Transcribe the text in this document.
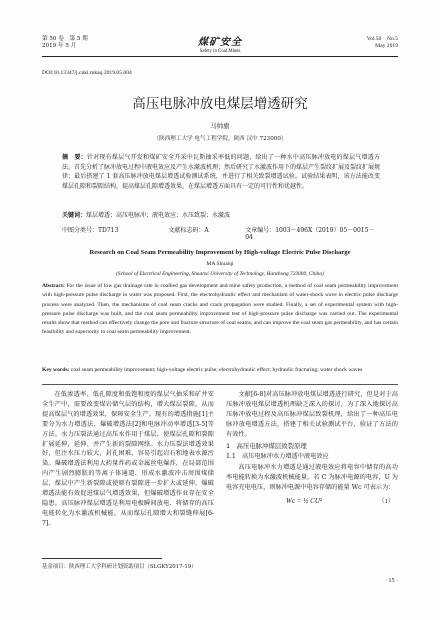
第 50 卷　第 5 期
2019 年 5 月	煤矿安全
Safety in Coal Mines
Vol.50　No.5
May 2019
DOI:10.13347/j.cnki.mkaq.2019.05.004
高压电脉冲放电煤层增透研究
马帅旗
（陕西理工大学 电气工程学院，陕西 汉中 723000）
摘　要：针对现有煤层气开发和煤矿安全开采中瓦斯抽采率低的问题，给出了一种水中高压脉冲放电的煤层气增透方法。首先分析了脉冲放电过程中液电效应及产生水激波机理；然后研究了水激波作用下的煤层产生裂纹扩展及裂纹扩展规律；最后搭建了 1 套高压脉冲放电煤层增透试验测试系统，并进行了相关致裂增透试验。试验结果表明，该方法能改变煤层孔隙和裂隙结构，提高煤层孔隙增透效果，在煤层增透方面具有一定的可行性和优越性。
关键词：煤层增透；高压电脉冲；液电效应；水压致裂；水激波
中图分类号：TD713	文献标志码：A	文章编号：1003－496X（2019）05－0015－04
Research on Coal Seam Permeability Improvement by High-voltage Electric Pulse Discharge
MA Shuaiqi
(School of Electrical Engineering, Shaanxi University of Technology, Hanzhong 723000, China)
Abstract: For the issue of low gas drainage rate in coalbed gas development and mine safety production, a method of coal seam permeability improvement with high-pressure pulse discharge in water was proposed. First, the electrohydraulic effect and mechanism of water-shock wave in electric pulse discharge process were analyzed. Then, the mechanisms of coal seam cracks and crack propagation were studied. Finally, a set of experimental system with high-pressure pulse discharge was built, and the coal seam permeability improvement test of high-pressure pulse discharge was carried out. The experimental results show that method can effectively change the pore and fracture structure of coal seams, and can improve the coal seam gas permeability, and has certain feasibility and superiority in coal seam permeability improvement.
Key words: coal seam permeability improvement; high-voltage electric pulse; electrohydraulic effect; hydraulic fracturing; water shock waves

在低渗透率、低孔隙度和低饱和度的煤层气抽采和矿井安全生产中，需要改变煤岩储气层的结构，增大煤层裂隙，从而提高煤层气的增透效果，保障安全生产。现有的增透措施[1]主要分为水力增透法、爆破增透法[2]和电脉冲动率增透[3-5]等方法。水力压裂法通过高压水作用于煤层，使煤层孔隙和裂隙扩展延伸，延伸、并产生新的裂隙网络。水力压裂法增透效果好，但注水压力较大，封孔困难，容易引起岩石和地表水源污染。爆破增透法利用大药量炸药或金属丝电爆炸，在局部范围内产生剧烈膨胀的等离子体通道，形成水激波冲击周围煤储层，煤层中产生新裂隙或使原有裂隙进一步扩大或延伸。爆破增透法能有效促进煤层气增透效果，但爆破增透作业存在安全隐患。高压脉冲煤层增透是利用电极瞬间放电，将储存的高压电能转化为水激波机械能，从而煤层孔隙增大和裂缝伸展[6-7]。

文献[6-8]对高压脉冲放电煤层增透进行研究，但是对于高压脉冲放电煤层增透机理缺乏深入的探讨。为了深入地探讨高压脉冲放电过程及高压脉冲煤层致裂机理，给出了一种高压电脉冲放电增透方法，搭建了相关试验测试平台，验证了方法的有效性。

1　高压电脉冲煤层致裂原理
1.1　高压电脉冲水力增透中液电效应

高压电脉冲水力增透是通过液电效应将电容中储存的高功率电能转换为水激波机械能量。若 C 为脉冲电源的电容，U 为电容充电电压，则脉冲电源中电容存储的能量 Wc 可表示为：

Wc = ½ CU²	（1）
基金项目：陕西理工大学科研计划资助项目（SLGKY2017-19）
· 15 ·
